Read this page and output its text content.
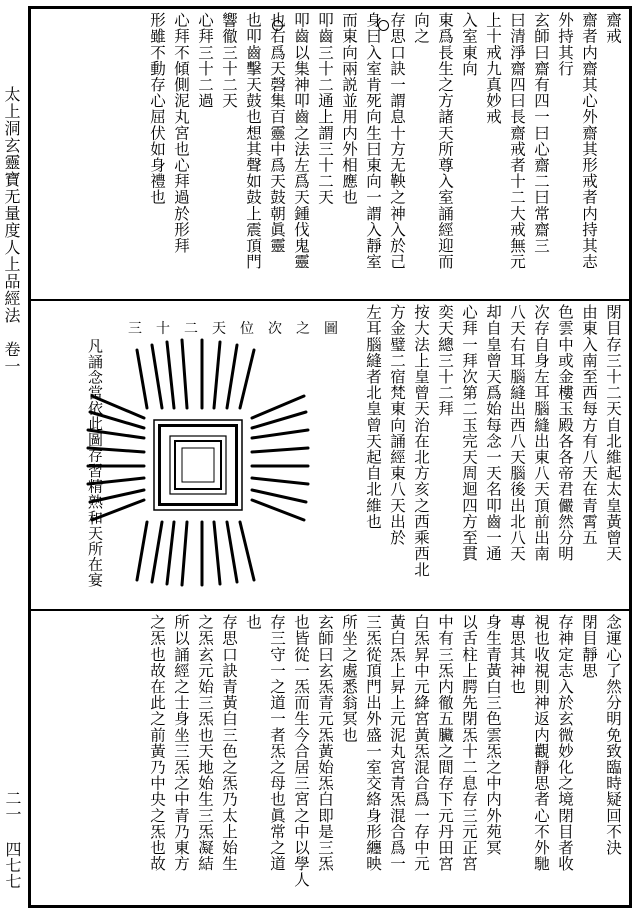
太上洞玄靈寶无量度人上品經法　卷一
二一 四七七
齋戒
齋者内齋其心外齋其形戒者内持其志
外持其行
玄師曰齋有四一曰心齋二曰常齋三
曰清淨齋四曰長齋戒者十二大戒無元
上十戒九真妙戒
入室東向
東爲長生之方諸天所尊入室誦經迎而
向之
存思口訣一謂息十方无鞅之神入於己
身曰入室肯死向生曰東向一謂入靜室
而東向兩説並用内外相應也
叩齒三十二通上謂三十二天
叩齒以集神叩齒之法左爲天鍾伐鬼靈
也右爲天磬集百靈中爲天鼓朝眞靈
也叩齒擊天鼓也想其聲如鼓上震頂門
響徹三十二天
心拜三十二過
心拜不傾側泥丸宮也心拜過於形拜
形雖不動存心屈伏如身禮也
閉目存三十二天自北維起太皇黃曾天
由東入南至西每方有八天在青霄五
色雲中或金樓玉殿各各帝君儼然分明
次存自身左耳腦縫出東八天頂前出南
八天右耳腦縫出西八天腦後出北八天
却自皇曾天爲始每念一天名叩齒一通
心拜一拜次第二玉完天周迴四方至貫
奕天總三十二拜
按大法上皇曾天治在北方亥之西乘西北
方金璧二宿梵東向誦經東八天出於
左耳腦縫者北皇曾天起自北維也
三十二天位次之圖
凡誦念當依此圖存習精熟和天所在宴
念運心了然分明免致臨時疑回不決
閉目靜思
存神定志入於玄微妙化之境閉目者收
視也收視則神返内觀靜思者心不外馳
專思其神也
身生青黃白三色雲炁之中内外苑冥
以舌柱上腭先閉炁十二息存三元正宮
中有三炁内徹五臟之間存下元丹田宮
白炁昇中元絳宮黃炁混合爲一存中元
黃白炁上昇上元泥丸宮青炁混合爲一
三炁從頂門出外盛一室交絡身形纏映
所坐之處悉翁冥也
玄師曰玄炁青元炁黃始炁白即是三炁
也皆從一炁而生今合居三宮之中以學人
存三守一之道一者炁之母也眞常之道
也
存思口訣青黃白三色之炁乃太上始生
之炁玄元始三炁也天地始生三炁凝結
所以誦經之士身坐三炁之中青乃東方
之炁也故在此之前黃乃中央之炁也故
